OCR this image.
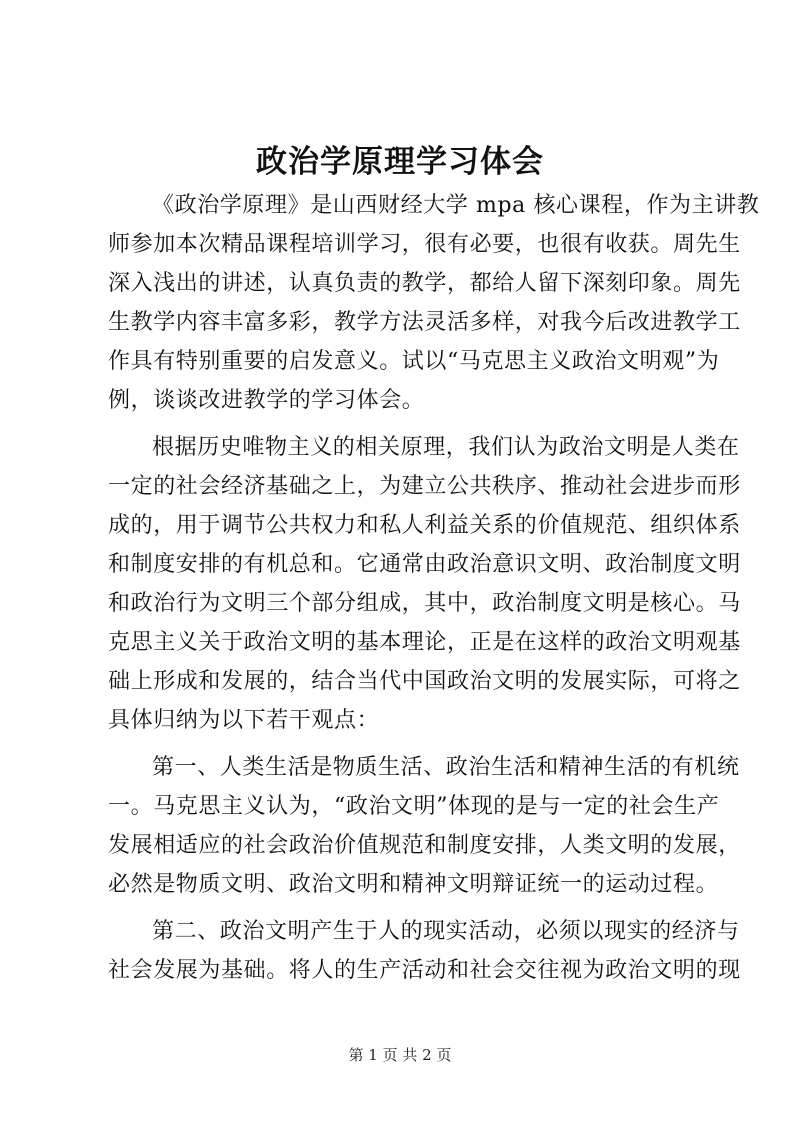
政治学原理学习体会
《政治学原理》是山西财经大学 mpa 核心课程，作为主讲教
师参加本次精品课程培训学习，很有必要，也很有收获。周先生
深入浅出的讲述，认真负责的教学，都给人留下深刻印象。周先
生教学内容丰富多彩，教学方法灵活多样，对我今后改进教学工
作具有特别重要的启发意义。试以“马克思主义政治文明观”为
例，谈谈改进教学的学习体会。
根据历史唯物主义的相关原理，我们认为政治文明是人类在
一定的社会经济基础之上，为建立公共秩序、推动社会进步而形
成的，用于调节公共权力和私人利益关系的价值规范、组织体系
和制度安排的有机总和。它通常由政治意识文明、政治制度文明
和政治行为文明三个部分组成，其中，政治制度文明是核心。马
克思主义关于政治文明的基本理论，正是在这样的政治文明观基
础上形成和发展的，结合当代中国政治文明的发展实际，可将之
具体归纳为以下若干观点：
第一、人类生活是物质生活、政治生活和精神生活的有机统
一。马克思主义认为，“政治文明”体现的是与一定的社会生产
发展相适应的社会政治价值规范和制度安排，人类文明的发展，
必然是物质文明、政治文明和精神文明辩证统一的运动过程。
第二、政治文明产生于人的现实活动，必须以现实的经济与
社会发展为基础。将人的生产活动和社会交往视为政治文明的现
第 1 页 共 2 页
